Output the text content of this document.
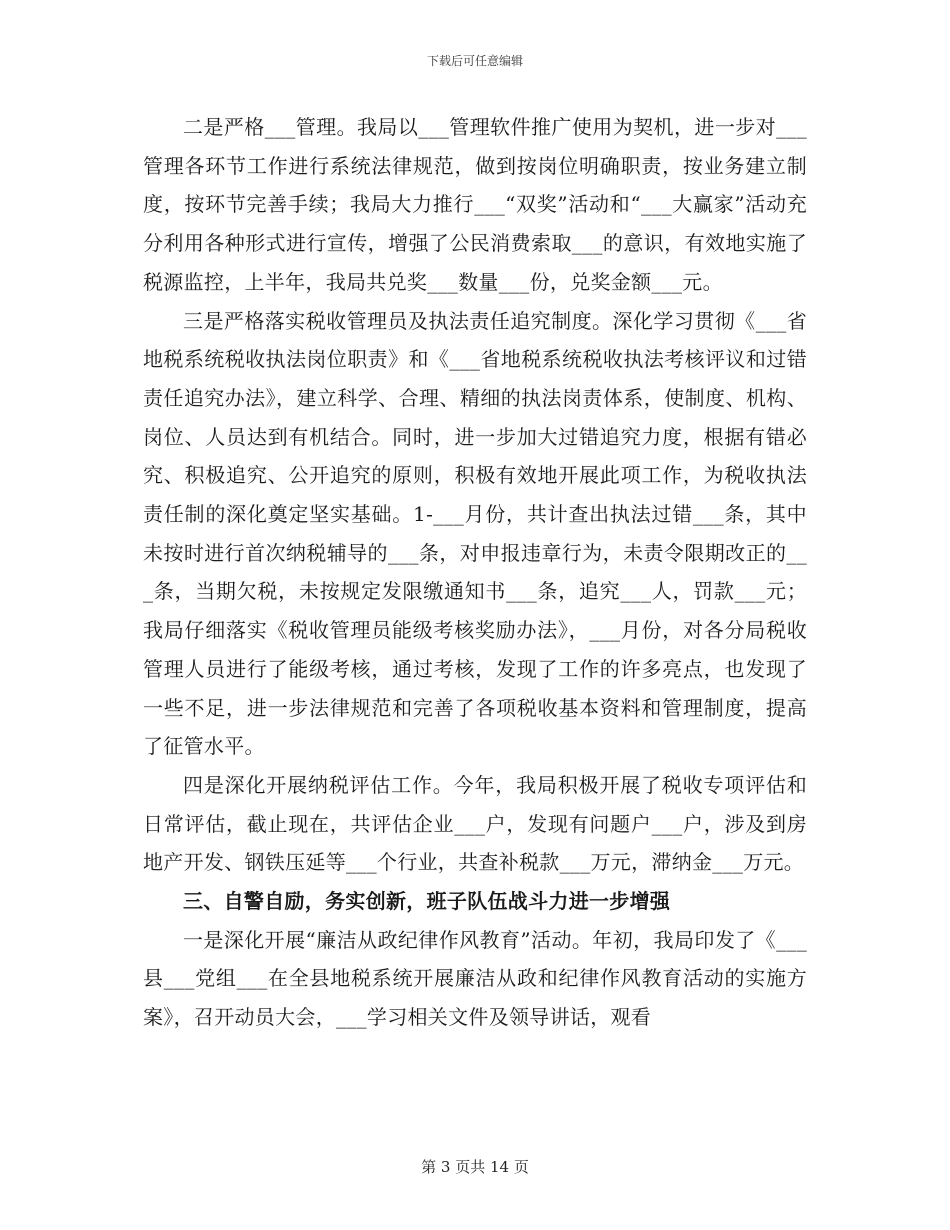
下载后可任意编辑

二是严格___管理。我局以___管理软件推广使用为契机，进一步对___管理各环节工作进行系统法律规范，做到按岗位明确职责，按业务建立制度，按环节完善手续；我局大力推行___“双奖”活动和“___大赢家”活动充分利用各种形式进行宣传，增强了公民消费索取___的意识，有效地实施了税源监控，上半年，我局共兑奖___数量___份，兑奖金额___元。

三是严格落实税收管理员及执法责任追究制度。深化学习贯彻《___省地税系统税收执法岗位职责》和《___省地税系统税收执法考核评议和过错责任追究办法》，建立科学、合理、精细的执法岗责体系，使制度、机构、岗位、人员达到有机结合。同时，进一步加大过错追究力度，根据有错必究、积极追究、公开追究的原则，积极有效地开展此项工作，为税收执法责任制的深化奠定坚实基础。1-___月份，共计查出执法过错___条，其中未按时进行首次纳税辅导的___条，对申报违章行为，未责令限期改正的___条，当期欠税，未按规定发限缴通知书___条，追究___人，罚款___元；我局仔细落实《税收管理员能级考核奖励办法》，___月份，对各分局税收管理人员进行了能级考核，通过考核，发现了工作的许多亮点，也发现了一些不足，进一步法律规范和完善了各项税收基本资料和管理制度，提高了征管水平。

四是深化开展纳税评估工作。今年，我局积极开展了税收专项评估和日常评估，截止现在，共评估企业___户，发现有问题户___户，涉及到房地产开发、钢铁压延等___个行业，共查补税款___万元，滞纳金___万元。

三、自警自励，务实创新，班子队伍战斗力进一步增强

一是深化开展“廉洁从政纪律作风教育”活动。年初，我局印发了《___县___党组___在全县地税系统开展廉洁从政和纪律作风教育活动的实施方案》，召开动员大会，___学习相关文件及领导讲话，观看

第 3 页共 14 页
